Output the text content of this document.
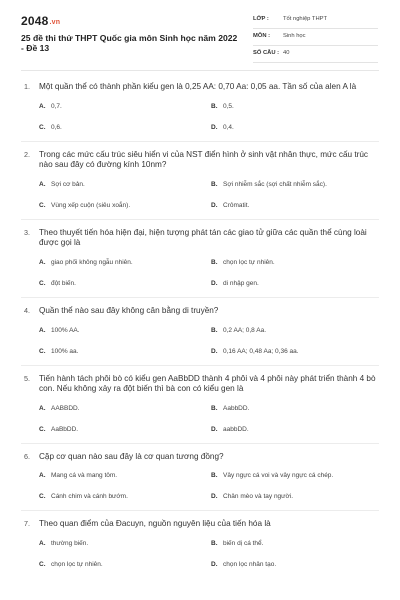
2048.vn
25 đề thi thử THPT Quốc gia môn Sinh học năm 2022 - Đề 13
LỚP : Tốt nghiệp THPT
MÔN : Sinh học
SỐ CÂU : 40
1. Một quần thể có thành phần kiểu gen là 0,25 AA: 0,70 Aa: 0,05 aa. Tần số của alen A là
A. 0,7.	B. 0,5.
C. 0,6.	D. 0,4.
2. Trong các mức cấu trúc siêu hiển vi của NST điển hình ở sinh vật nhân thực, mức cấu trúc nào sau đây có đường kính 10nm?
A. Sợi cơ bản.	B. Sợi nhiễm sắc (sợi chất nhiễm sắc).
C. Vùng xếp cuộn (siêu xoắn).	D. Crômatit.
3. Theo thuyết tiến hóa hiện đại, hiện tượng phát tán các giao tử giữa các quần thể cùng loài được gọi là
A. giao phối không ngẫu nhiên.	B. chọn lọc tự nhiên.
C. đột biến.	D. di nhập gen.
4. Quần thể nào sau đây không cân bằng di truyền?
A. 100% AA.	B. 0,2 AA; 0,8 Aa.
C. 100% aa.	D. 0,16 AA; 0,48 Aa; 0,36 aa.
5. Tiến hành tách phôi bò có kiểu gen AaBbDD thành 4 phôi và 4 phôi này phát triển thành 4 bò con. Nếu không xảy ra đột biến thì bà con có kiểu gen là
A. AABBDD.	B. AabbDD.
C. AaBbDD.	D. aabbDD.
6. Cặp cơ quan nào sau đây là cơ quan tương đồng?
A. Mang cá và mang tôm.	B. Vây ngực cá voi và vây ngực cá chép.
C. Cánh chim và cánh bướm.	D. Chân mèo và tay người.
7. Theo quan điểm của Đacuyn, nguồn nguyên liệu của tiến hóa là
A. thường biến.	B. biến dị cá thể.
C. chọn lọc tự nhiên.	D. chọn lọc nhân tạo.
